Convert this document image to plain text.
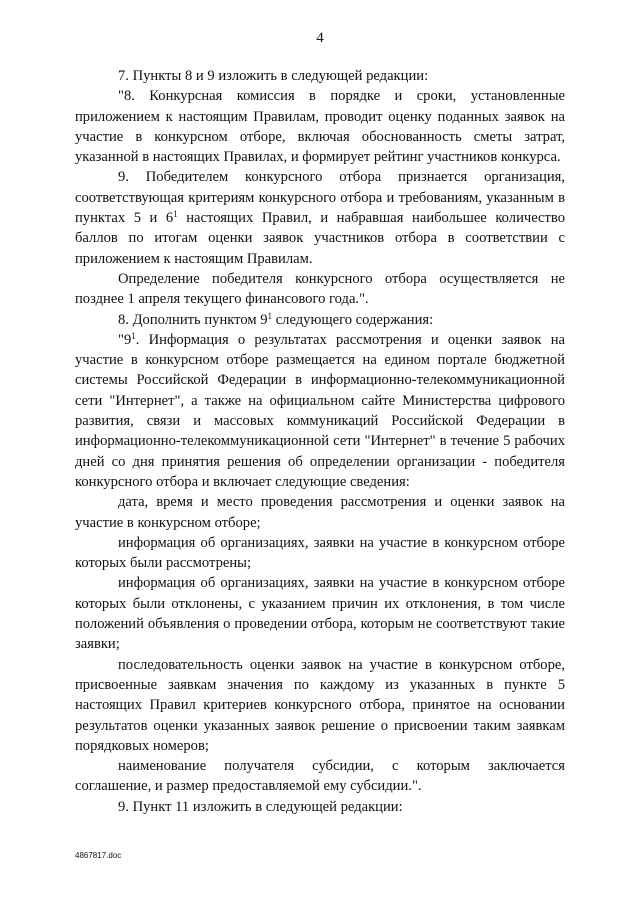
4

7. Пункты 8 и 9 изложить в следующей редакции:

"8. Конкурсная комиссия в порядке и сроки, установленные приложением к настоящим Правилам, проводит оценку поданных заявок на участие в конкурсном отборе, включая обоснованность сметы затрат, указанной в настоящих Правилах, и формирует рейтинг участников конкурса.

9. Победителем конкурсного отбора признается организация, соответствующая критериям конкурсного отбора и требованиям, указанным в пунктах 5 и $6^1$ настоящих Правил, и набравшая наибольшее количество баллов по итогам оценки заявок участников отбора в соответствии с приложением к настоящим Правилам.

Определение победителя конкурсного отбора осуществляется не позднее 1 апреля текущего финансового года.".

8. Дополнить пунктом $9^1$ следующего содержания:

"$9^1$. Информация о результатах рассмотрения и оценки заявок на участие в конкурсном отборе размещается на едином портале бюджетной системы Российской Федерации в информационно-телекоммуникационной сети "Интернет", а также на официальном сайте Министерства цифрового развития, связи и массовых коммуникаций Российской Федерации в информационно-телекоммуникационной сети "Интернет" в течение 5 рабочих дней со дня принятия решения об определении организации - победителя конкурсного отбора и включает следующие сведения:

дата, время и место проведения рассмотрения и оценки заявок на участие в конкурсном отборе;

информация об организациях, заявки на участие в конкурсном отборе которых были рассмотрены;

информация об организациях, заявки на участие в конкурсном отборе которых были отклонены, с указанием причин их отклонения, в том числе положений объявления о проведении отбора, которым не соответствуют такие заявки;

последовательность оценки заявок на участие в конкурсном отборе, присвоенные заявкам значения по каждому из указанных в пункте 5 настоящих Правил критериев конкурсного отбора, принятое на основании результатов оценки указанных заявок решение о присвоении таким заявкам порядковых номеров;

наименование получателя субсидии, с которым заключается соглашение, и размер предоставляемой ему субсидии.".

9. Пункт 11 изложить в следующей редакции:

4867817.doc
